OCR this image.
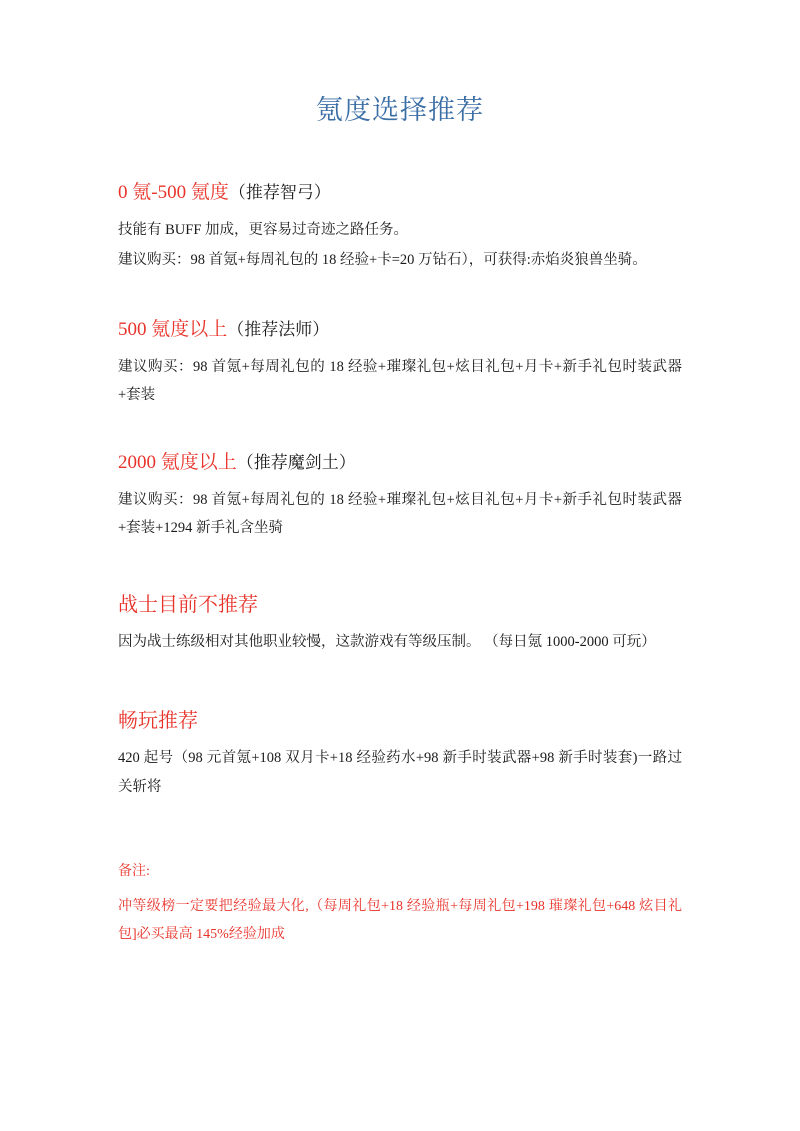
氪度选择推荐
0 氪-500 氪度（推荐智弓）

技能有 BUFF 加成，更容易过奇迹之路任务。

建议购买：98 首氪+每周礼包的 18 经验+卡=20 万钻石），可获得:赤焰炎狼兽坐骑。

500 氪度以上（推荐法师）

建议购买：98 首氪+每周礼包的 18 经验+璀璨礼包+炫目礼包+月卡+新手礼包时装武器+套装

2000 氪度以上（推荐魔剑土）

建议购买：98 首氪+每周礼包的 18 经验+璀璨礼包+炫目礼包+月卡+新手礼包时装武器+套装+1294 新手礼含坐骑

战士目前不推荐

因为战士练级相对其他职业较慢，这款游戏有等级压制。 （每日氪 1000-2000 可玩）

畅玩推荐

420 起号（98 元首氪+108 双月卡+18 经验药水+98 新手时装武器+98 新手时装套)一路过关斩将

备注:

冲等级榜一定要把经验最大化,（每周礼包+18 经验瓶+每周礼包+198 璀璨礼包+648 炫目礼包]必买最高 145%经验加成
